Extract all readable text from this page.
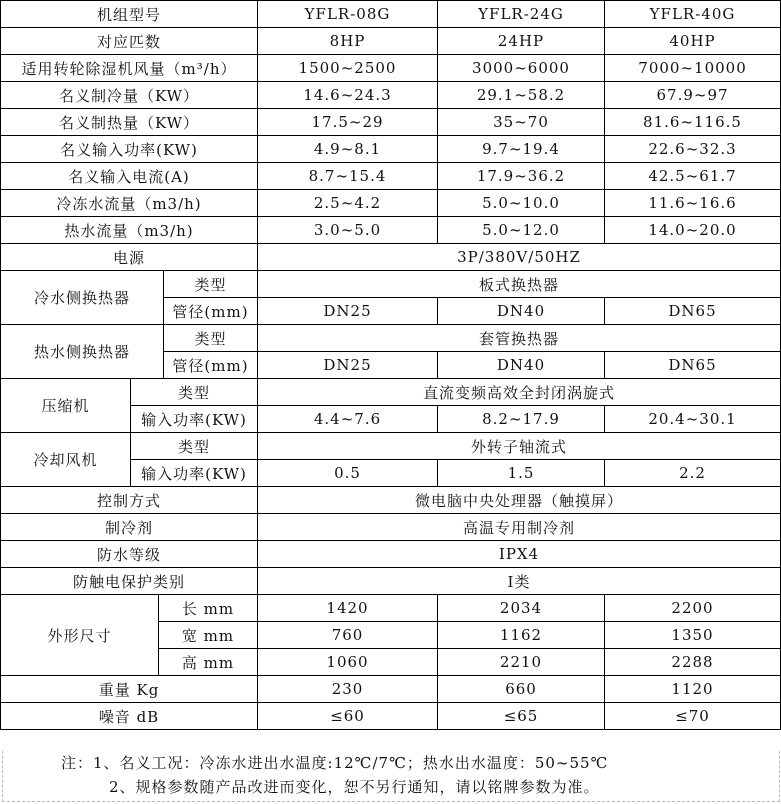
机组型号				YFLR-08G	YFLR-24G	YFLR-40G
对应匹数				8HP	24HP	40HP
适用转轮除湿机风量（m³/h）				1500~2500	3000~6000	7000~10000
名义制冷量（KW）				14.6~24.3	29.1~58.2	67.9~97
名义制热量（KW）				17.5~29	35~70	81.6~116.5
名义输入功率(KW)				4.9~8.1	9.7~19.4	22.6~32.3
名义输入电流(A)				8.7~15.4	17.9~36.2	42.5~61.7
冷冻水流量（m3/h)				2.5~4.2	5.0~10.0	11.6~16.6
热水流量（m3/h)				3.0~5.0	5.0~12.0	14.0~20.0
电源				3P/380V/50HZ		
冷水侧换热器			类型	板式换热器		
			管径(mm)	DN25	DN40	DN65
热水侧换热器			类型	套管换热器		
			管径(mm)	DN25	DN40	DN65
压缩机	类型			直流变频高效全封闭涡旋式		
	输入功率(KW)			4.4~7.6	8.2~17.9	20.4~30.1
冷却风机	类型			外转子轴流式		
	输入功率(KW)			0.5	1.5	2.2
控制方式				微电脑中央处理器（触摸屏）		
制冷剂				高温专用制冷剂		
防水等级				IPX4		
防触电保护类别				Ⅰ类		
外形尺寸		长 mm		1420	2034	2200
		宽 mm		760	1162	1350
		高 mm		1060	2210	2288
重量 Kg				230	660	1120
噪音 dB				≤60	≤65	≤70
注：1、名义工况：冷冻水进出水温度:12℃/7℃；热水出水温度：50~55℃
2、规格参数随产品改进而变化，恕不另行通知，请以铭牌参数为准。
